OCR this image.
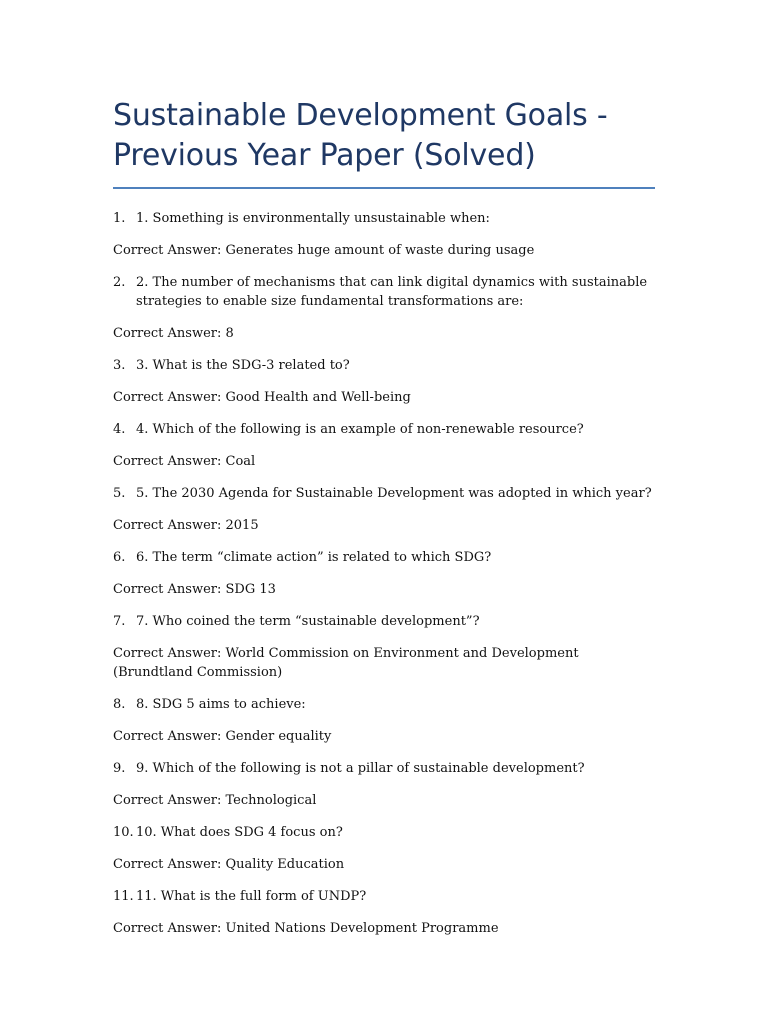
Sustainable Development Goals - Previous Year Paper (Solved)
1. 1. Something is environmentally unsustainable when:
Correct Answer: Generates huge amount of waste during usage
2. 2. The number of mechanisms that can link digital dynamics with sustainable strategies to enable size fundamental transformations are:
Correct Answer: 8
3. 3. What is the SDG-3 related to?
Correct Answer: Good Health and Well-being
4. 4. Which of the following is an example of non-renewable resource?
Correct Answer: Coal
5. 5. The 2030 Agenda for Sustainable Development was adopted in which year?
Correct Answer: 2015
6. 6. The term “climate action” is related to which SDG?
Correct Answer: SDG 13
7. 7. Who coined the term “sustainable development”?
Correct Answer: World Commission on Environment and Development (Brundtland Commission)
8. 8. SDG 5 aims to achieve:
Correct Answer: Gender equality
9. 9. Which of the following is not a pillar of sustainable development?
Correct Answer: Technological
10. 10. What does SDG 4 focus on?
Correct Answer: Quality Education
11. 11. What is the full form of UNDP?
Correct Answer: United Nations Development Programme
